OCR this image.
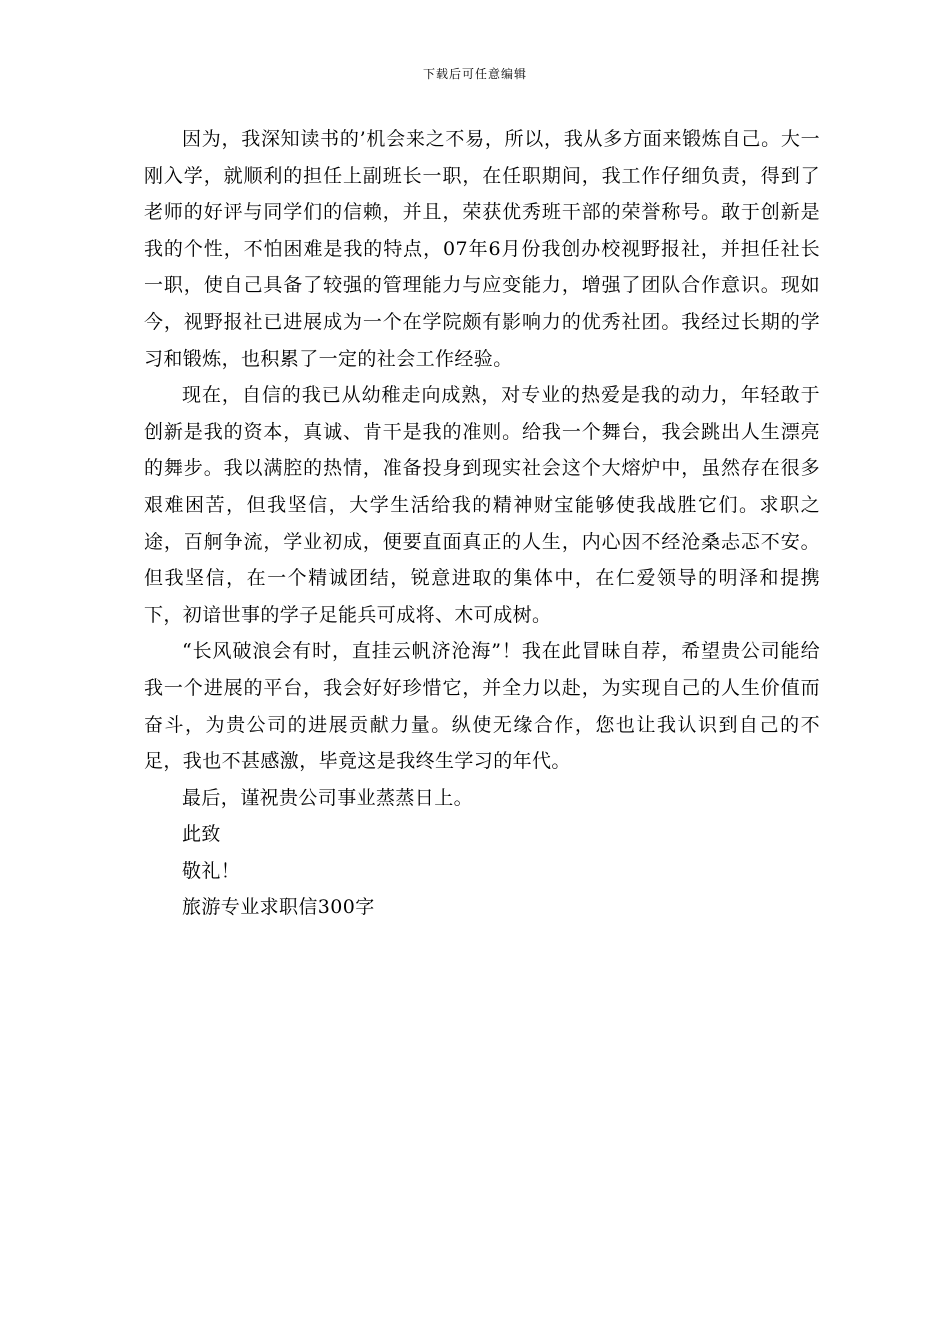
下载后可任意编辑

因为，我深知读书的’机会来之不易，所以，我从多方面来锻炼自己。大一刚入学，就顺利的担任上副班长一职，在任职期间，我工作仔细负责，得到了老师的好评与同学们的信赖，并且，荣获优秀班干部的荣誉称号。敢于创新是我的个性，不怕困难是我的特点，07年6月份我创办校视野报社，并担任社长一职，使自己具备了较强的管理能力与应变能力，增强了团队合作意识。现如今，视野报社已进展成为一个在学院颇有影响力的优秀社团。我经过长期的学习和锻炼，也积累了一定的社会工作经验。

现在，自信的我已从幼稚走向成熟，对专业的热爱是我的动力，年轻敢于创新是我的资本，真诚、肯干是我的准则。给我一个舞台，我会跳出人生漂亮的舞步。我以满腔的热情，准备投身到现实社会这个大熔炉中，虽然存在很多艰难困苦，但我坚信，大学生活给我的精神财宝能够使我战胜它们。求职之途，百舸争流，学业初成，便要直面真正的人生，内心因不经沧桑忐忑不安。但我坚信，在一个精诚团结，锐意进取的集体中，在仁爱领导的明泽和提携下，初谙世事的学子足能兵可成将、木可成树。

“长风破浪会有时，直挂云帆济沧海”！我在此冒昧自荐，希望贵公司能给我一个进展的平台，我会好好珍惜它，并全力以赴，为实现自己的人生价值而奋斗，为贵公司的进展贡献力量。纵使无缘合作，您也让我认识到自己的不足，我也不甚感激，毕竟这是我终生学习的年代。

最后，谨祝贵公司事业蒸蒸日上。

此致

敬礼！

旅游专业求职信300字
